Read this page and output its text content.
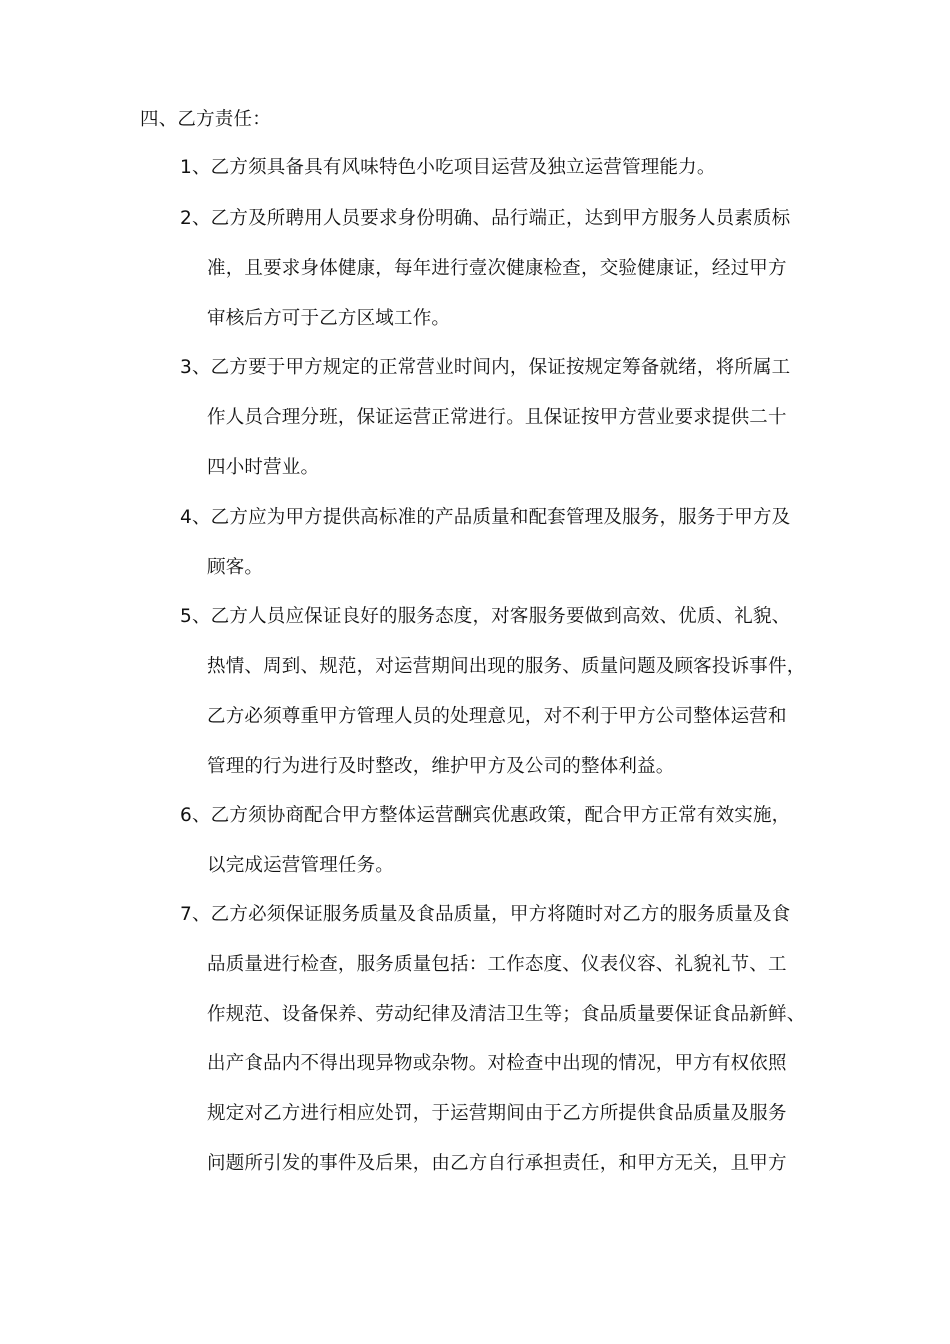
四、乙方责任：
1、乙方须具备具有风味特色小吃项目运营及独立运营管理能力。
2、乙方及所聘用人员要求身份明确、品行端正，达到甲方服务人员素质标
准，且要求身体健康，每年进行壹次健康检查，交验健康证，经过甲方
审核后方可于乙方区域工作。
3、乙方要于甲方规定的正常营业时间内，保证按规定筹备就绪，将所属工
作人员合理分班，保证运营正常进行。且保证按甲方营业要求提供二十
四小时营业。
4、乙方应为甲方提供高标准的产品质量和配套管理及服务，服务于甲方及
顾客。
5、乙方人员应保证良好的服务态度，对客服务要做到高效、优质、礼貌、
热情、周到、规范，对运营期间出现的服务、质量问题及顾客投诉事件，
乙方必须尊重甲方管理人员的处理意见，对不利于甲方公司整体运营和
管理的行为进行及时整改，维护甲方及公司的整体利益。
6、乙方须协商配合甲方整体运营酬宾优惠政策，配合甲方正常有效实施，
以完成运营管理任务。
7、乙方必须保证服务质量及食品质量，甲方将随时对乙方的服务质量及食
品质量进行检查，服务质量包括：工作态度、仪表仪容、礼貌礼节、工
作规范、设备保养、劳动纪律及清洁卫生等；食品质量要保证食品新鲜、
出产食品内不得出现异物或杂物。对检查中出现的情况，甲方有权依照
规定对乙方进行相应处罚，于运营期间由于乙方所提供食品质量及服务
问题所引发的事件及后果，由乙方自行承担责任，和甲方无关，且甲方
